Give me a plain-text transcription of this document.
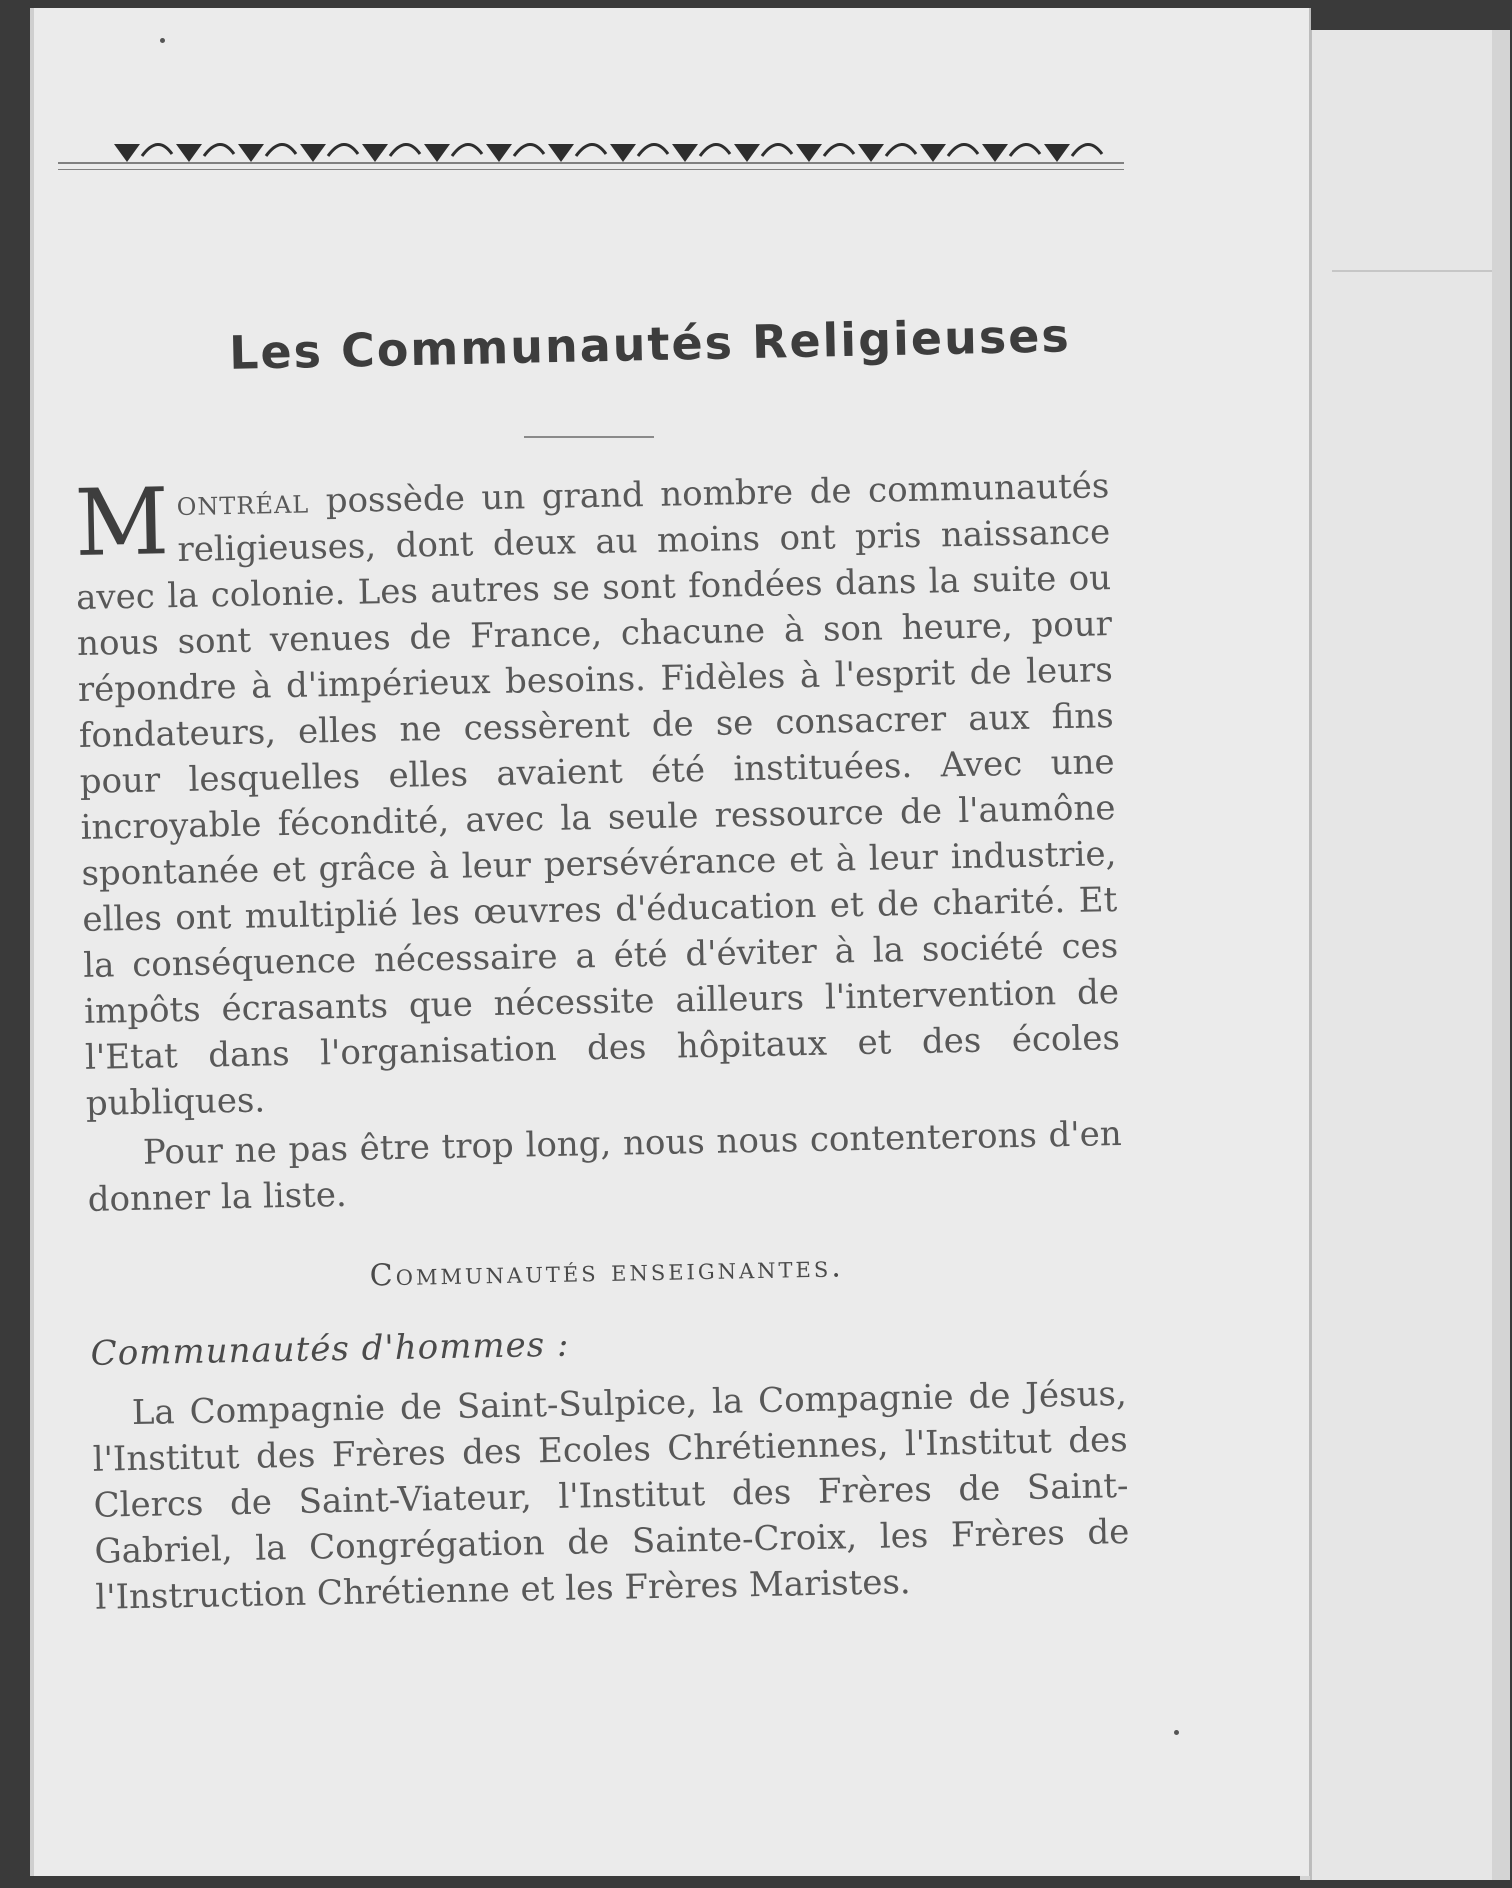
Les Communautés Religieuses

Montréal possède un grand nombre de communautés religieuses, dont deux au moins ont pris naissance avec la colonie. Les autres se sont fondées dans la suite ou nous sont venues de France, chacune à son heure, pour répondre à d'impérieux besoins. Fidèles à l'esprit de leurs fondateurs, elles ne cessèrent de se consacrer aux fins pour lesquelles elles avaient été instituées. Avec une incroyable fécondité, avec la seule ressource de l'aumône spontanée et grâce à leur persévérance et à leur industrie, elles ont multiplié les œuvres d'éducation et de charité. Et la conséquence nécessaire a été d'éviter à la société ces impôts écrasants que nécessite ailleurs l'intervention de l'Etat dans l'organisation des hôpitaux et des écoles publiques.

Pour ne pas être trop long, nous nous contenterons d'en donner la liste.

Communautés enseignantes.
Communautés d'hommes :

La Compagnie de Saint-Sulpice, la Compagnie de Jésus, l'Institut des Frères des Ecoles Chrétiennes, l'Institut des Clercs de Saint-Viateur, l'Institut des Frères de Saint-Gabriel, la Congrégation de Sainte-Croix, les Frères de l'Instruction Chrétienne et les Frères Maristes.
